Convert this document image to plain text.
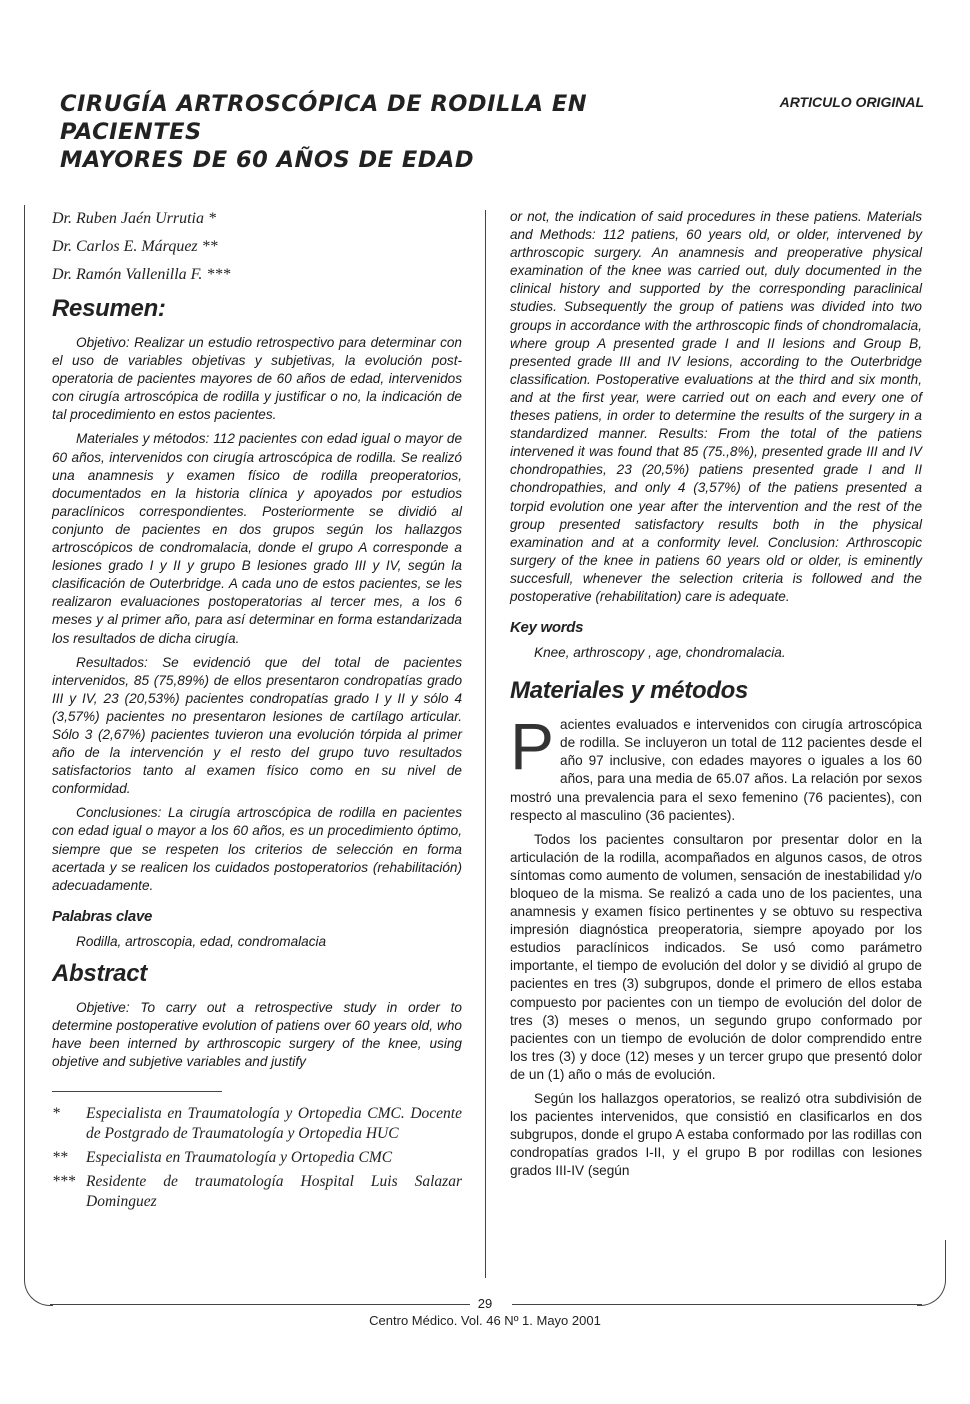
CIRUGÍA ARTROSCÓPICA DE RODILLA EN PACIENTES
MAYORES DE 60 AÑOS DE EDAD
ARTICULO ORIGINAL

Dr. Ruben Jaén Urrutia *

Dr. Carlos E. Márquez **

Dr. Ramón Vallenilla F. ***

Resumen:

Objetivo: Realizar un estudio retrospectivo para determinar con el uso de variables objetivas y subjetivas, la evolución post-operatoria de pacientes mayores de 60 años de edad, intervenidos con cirugía artroscópica de rodilla y justificar o no, la indicación de tal procedimiento en estos pacientes.

Materiales y métodos: 112 pacientes con edad igual o mayor de 60 años, intervenidos con cirugía artroscópica de rodilla. Se realizó una anamnesis y examen físico de rodilla preoperatorios, documentados en la historia clínica y apoyados por estudios paraclínicos correspondientes. Posteriormente se dividió al conjunto de pacientes en dos grupos según los hallazgos artroscópicos de condromalacia, donde el grupo A corresponde a lesiones grado I y II y grupo B lesiones grado III y IV, según la clasificación de Outerbridge. A cada uno de estos pacientes, se les realizaron evaluaciones postoperatorias al tercer mes, a los 6 meses y al primer año, para así determinar en forma estandarizada los resultados de dicha cirugía.

Resultados: Se evidenció que del total de pacientes intervenidos, 85 (75,89%) de ellos presentaron condropatías grado III y IV, 23 (20,53%) pacientes condropatías grado I y II y sólo 4 (3,57%) pacientes no presentaron lesiones de cartílago articular. Sólo 3 (2,67%) pacientes tuvieron una evolución tórpida al primer año de la intervención y el resto del grupo tuvo resultados satisfactorios tanto al examen físico como en su nivel de conformidad.

Conclusiones: La cirugía artroscópica de rodilla en pacientes con edad igual o mayor a los 60 años, es un procedimiento óptimo, siempre que se respeten los criterios de selección en forma acertada y se realicen los cuidados postoperatorios (rehabilitación) adecuadamente.

Palabras clave

Rodilla, artroscopia, edad, condromalacia

Abstract

Objetive: To carry out a retrospective study in order to determine postoperative evolution of patiens over 60 years old, who have been interned by arthroscopic surgery of the knee, using objetive and subjetive variables and justify

*	Especialista en Traumatología y Ortopedia CMC. Docente de Postgrado de Traumatología y Ortopedia HUC
**	Especialista en Traumatología y Ortopedia CMC
*** Residente de traumatología Hospital Luis Salazar Dominguez

or not, the indication of said procedures in these patiens. Materials and Methods: 112 patiens, 60 years old, or older, intervened by arthroscopic surgery. An anamnesis and preoperative physical examination of the knee was carried out, duly documented in the clinical history and supported by the corresponding paraclinical studies. Subsequently the group of patiens was divided into two groups in accordance with the arthroscopic finds of chondromalacia, where group A presented grade I and II lesions and Group B, presented grade III and IV lesions, according to the Outerbridge classification. Postoperative evaluations at the third and six month, and at the first year, were carried out on each and every one of theses patiens, in order to determine the results of the surgery in a standardized manner. Results: From the total of the patiens intervened it was found that 85 (75.,8%), presented grade III and IV chondropathies, 23 (20,5%) patiens presented grade I and II chondropathies, and only 4 (3,57%) of the patiens presented a torpid evolution one year after the intervention and the rest of the group presented satisfactory results both in the physical examination and at a conformity level. Conclusion: Arthroscopic surgery of the knee in patiens 60 years old or older, is eminently succesfull, whenever the selection criteria is followed and the postoperative (rehabilitation) care is adequate.

Key words

Knee, arthroscopy , age, chondromalacia.

Materiales y métodos

Pacientes evaluados e intervenidos con cirugía artroscópica de rodilla. Se incluyeron un total de 112 pacientes desde el año 97 inclusive, con edades mayores o iguales a los 60 años, para una media de 65.07 años. La relación por sexos mostró una prevalencia para el sexo femenino (76 pacientes), con respecto al masculino (36 pacientes).

Todos los pacientes consultaron por presentar dolor en la articulación de la rodilla, acompañados en algunos casos, de otros síntomas como aumento de volumen, sensación de inestabilidad y/o bloqueo de la misma. Se realizó a cada uno de los pacientes, una anamnesis y examen físico pertinentes y se obtuvo su respectiva impresión diagnóstica preoperatoria, siempre apoyado por los estudios paraclínicos indicados. Se usó como parámetro importante, el tiempo de evolución del dolor y se dividió al grupo de pacientes en tres (3) subgrupos, donde el primero de ellos estaba compuesto por pacientes con un tiempo de evolución del dolor de tres (3) meses o menos, un segundo grupo conformado por pacientes con un tiempo de evolución de dolor comprendido entre los tres (3) y doce (12) meses y un tercer grupo que presentó dolor de un (1) año o más de evolución.

Según los hallazgos operatorios, se realizó otra subdivisión de los pacientes intervenidos, que consistió en clasificarlos en dos subgrupos, donde el grupo A estaba conformado por las rodillas con condropatías grados I-II, y el grupo B por rodillas con lesiones grados III-IV (según

29
Centro Médico. Vol. 46 Nº 1. Mayo 2001
